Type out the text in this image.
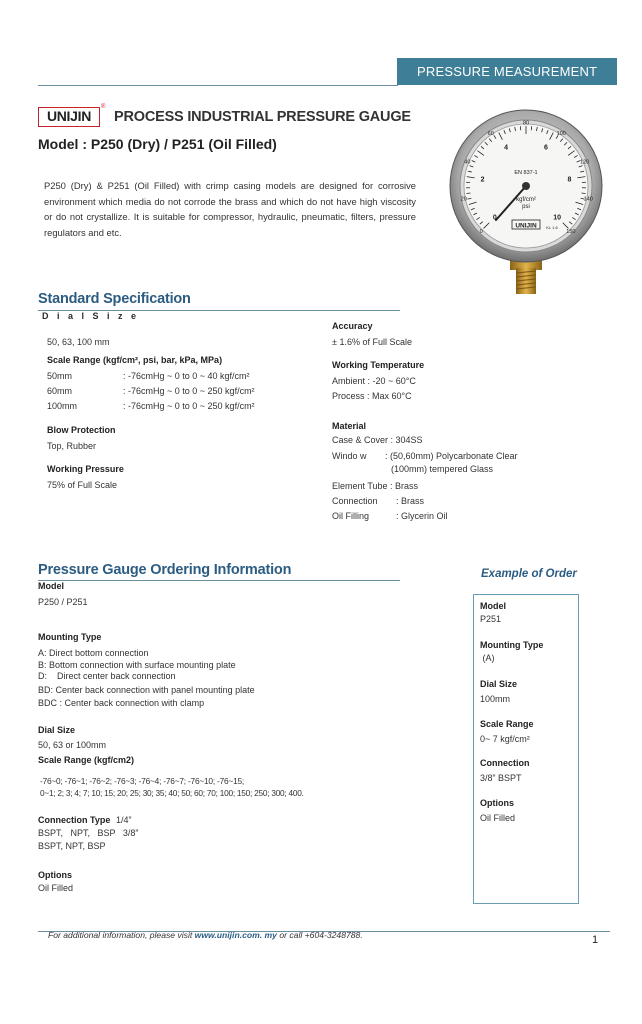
PRESSURE MEASUREMENT
UNIJIN
®
PROCESS INDUSTRIAL PRESSURE GAUGE
Model : P250 (Dry) / P251 (Oil Filled)
P250 (Dry) & P251 (Oil Filled) with crimp casing models are designed for corrosive environment which media do not corrode the brass and which do not have high viscosity or do not crystallize. It is suitable for compressor, hydraulic, pneumatic, filters, pressure regulators and etc.
0
2
4	6
8
10
0
20
40
60
80
100
120
140
150
EN 837-1
kgf/cm²
psi
UNIJIN KL 1.6
Standard Specification
D i a l S i z e
50, 63, 100 mm
Scale Range (kgf/cm², psi, bar, kPa, MPa)
50mm	: -76cmHg ~ 0 to 0 ~ 40 kgf/cm²
60mm	: -76cmHg ~ 0 to 0 ~ 250 kgf/cm²
100mm	: -76cmHg ~ 0 to 0 ~ 250 kgf/cm²
Blow Protection
Top, Rubber
Working Pressure
75% of Full Scale
Accuracy
± 1.6% of Full Scale
Working Temperature
Ambient : -20 ~ 60°C
Process : Max 60°C
Material
Case & Cover : 304SS
Windo w : (50,60mm) Polycarbonate Clear
(100mm) tempered Glass
Element Tube : Brass
Connection : Brass
Oil Filling	: Glycerin Oil
Pressure Gauge Ordering Information
Model
P250 / P251
Mounting Type
A: Direct bottom connection
B: Bottom connection with surface mounting plate
D:    Direct center back connection
BD: Center back connection with panel mounting plate
BDC : Center back connection with clamp
Dial Size
50, 63 or 100mm
Scale Range (kgf/cm2)
-76~0; -76~1; -76~2; -76~3; -76~4; -76~7; -76~10; -76~15;
0~1; 2; 3; 4; 7; 10; 15; 20; 25; 30; 35; 40; 50; 60; 70; 100; 150; 250; 300; 400.
Connection Type 1/4”
BSPT,   NPT,   BSP   3/8”
BSPT, NPT, BSP
Options
Oil Filled
Example of Order
Model
P251
Mounting Type
(A)
Dial Size
100mm
Scale Range
0~ 7 kgf/cm²
Connection
3/8” BSPT
Options
Oil Filled
For additional information, please visit www.unijin.com. my or call +604-3248788.	1
